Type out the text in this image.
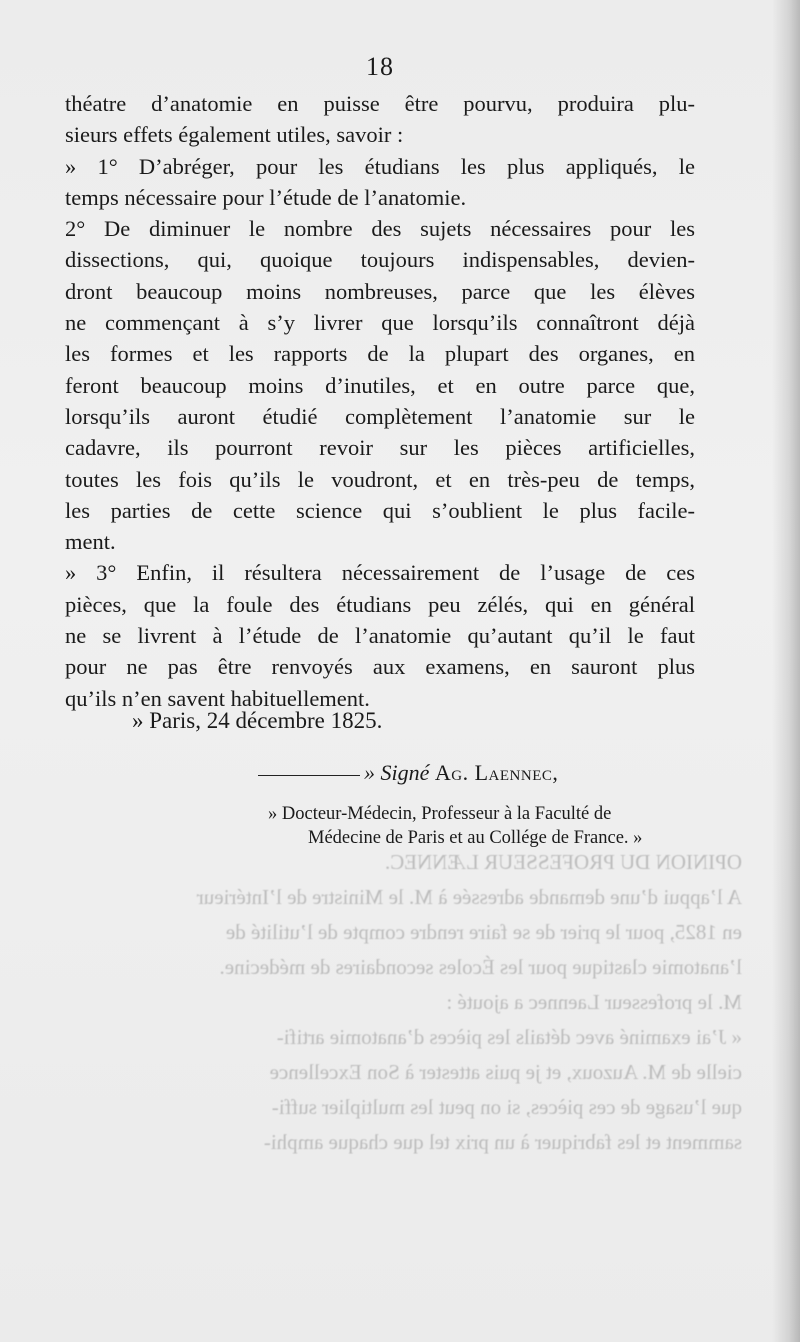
OPINION DU PROFESSEUR LÆNNEC.

A l’appui d’une demande adressée à M. le Ministre de l’Intérieur

en 1825, pour le prier de se faire rendre compte de l’utilité de

l’anatomie clastique pour les Écoles secondaires de médecine.

M. le professeur Laennec a ajouté :

« J’ai examiné avec détails les pièces d’anatomie artifi-

cielle de M. Auzoux, et je puis attester à Son Excellence

que l’usage de ces pièces, si on peut les multiplier suffi-

samment et les fabriquer à un prix tel que chaque amphi-

18
théatre d’anatomie en puisse être pourvu, produira plu-
sieurs effets également utiles, savoir :
» 1° D’abréger, pour les étudians les plus appliqués, le
temps nécessaire pour l’étude de l’anatomie.
2° De diminuer le nombre des sujets nécessaires pour les
dissections, qui, quoique toujours indispensables, devien-
dront beaucoup moins nombreuses, parce que les élèves
ne commençant à s’y livrer que lorsqu’ils connaîtront déjà
les formes et les rapports de la plupart des organes, en
feront beaucoup moins d’inutiles, et en outre parce que,
lorsqu’ils auront étudié complètement l’anatomie sur le
cadavre, ils pourront revoir sur les pièces artificielles,
toutes les fois qu’ils le voudront, et en très-peu de temps,
les parties de cette science qui s’oublient le plus facile-
ment.
» 3° Enfin, il résultera nécessairement de l’usage de ces
pièces, que la foule des étudians peu zélés, qui en général
ne se livrent à l’étude de l’anatomie qu’autant qu’il le faut
pour ne pas être renvoyés aux examens, en sauront plus
qu’ils n’en savent habituellement.
» Paris, 24 décembre 1825.
» Signé Ag. Laennec,
» Docteur-Médecin, Professeur à la Faculté de
Médecine de Paris et au Collége de France. »
